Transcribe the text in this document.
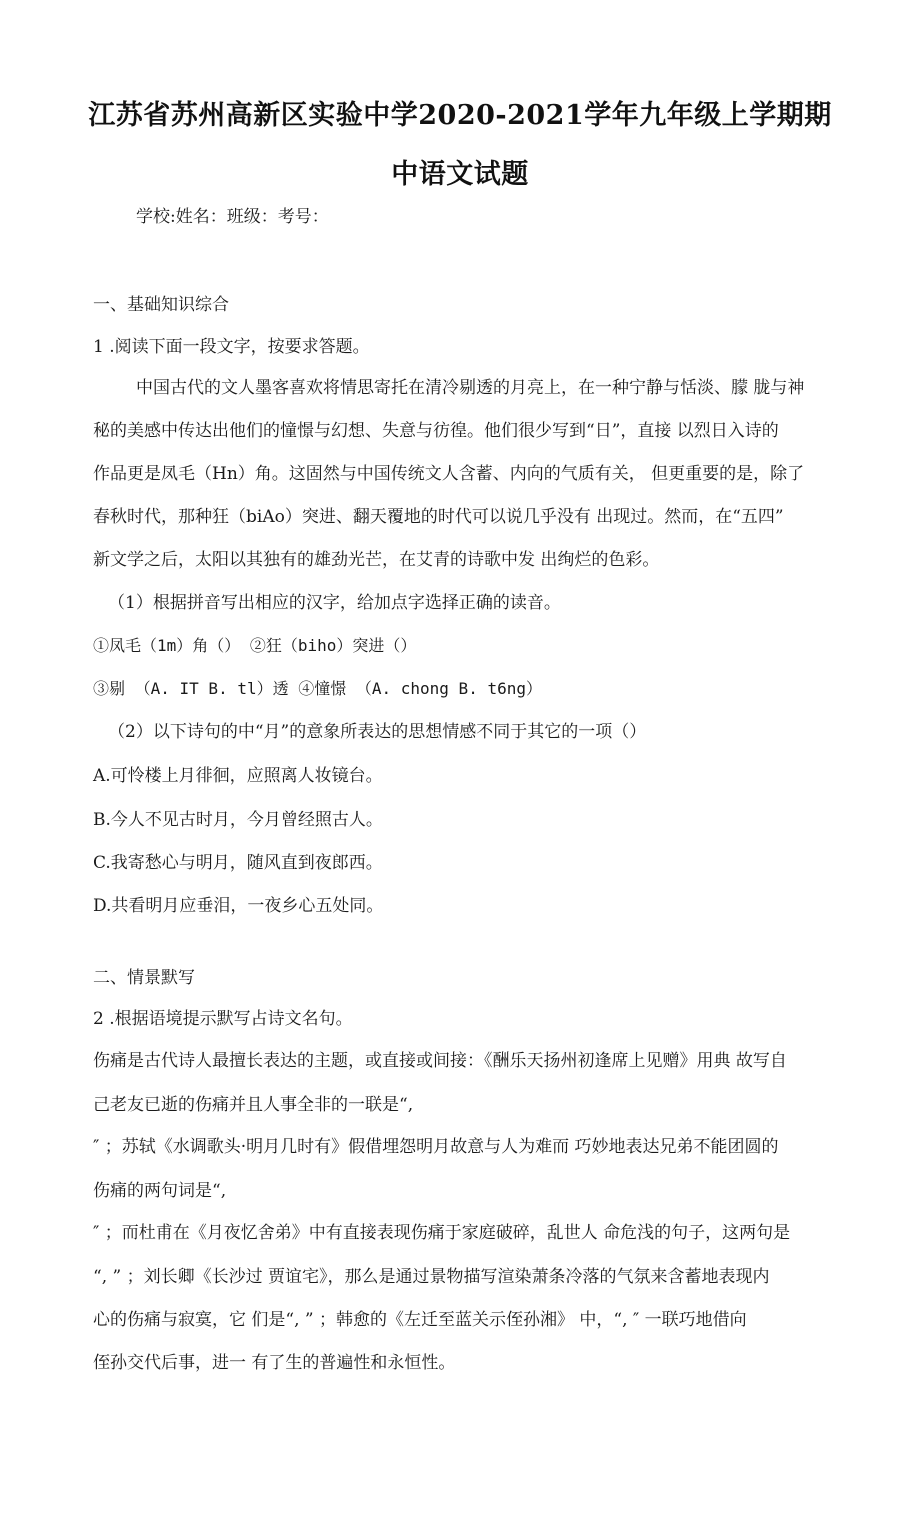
江苏省苏州高新区实验中学2020-2021学年九年级上学期期
中语文试题
学校:姓名：班级：考号：
一、基础知识综合
1 .阅读下面一段文字，按要求答题。
中国古代的文人墨客喜欢将情思寄托在清冷剔透的月亮上，在一种宁静与恬淡、朦 胧与神
秘的美感中传达出他们的憧憬与幻想、失意与彷徨。他们很少写到“日”，直接 以烈日入诗的
作品更是凤毛（Hn）角。这固然与中国传统文人含蓄、内向的气质有关， 但更重要的是，除了
春秋时代，那种狂（biAo）突进、翻天覆地的时代可以说几乎没有 出现过。然而，在“五四”
新文学之后，太阳以其独有的雄劲光芒，在艾青的诗歌中发 出绚烂的色彩。
（1）根据拼音写出相应的汉字，给加点字选择正确的读音。
①凤毛（1m）角（） ②狂（biho）突进（）
③剔 （A. IT B. tl）透 ④憧憬 （A. chong B. t6ng）
（2）以下诗句的中“月”的意象所表达的思想情感不同于其它的一项（）
A.可怜楼上月徘徊，应照离人妆镜台。
B.今人不见古时月，今月曾经照古人。
C.我寄愁心与明月，随风直到夜郎西。
D.共看明月应垂泪，一夜乡心五处同。
二、情景默写
2 .根据语境提示默写占诗文名句。
伤痛是古代诗人最擅长表达的主题，或直接或间接：《酬乐天扬州初逢席上见赠》用典 故写自
己老友已逝的伤痛并且人事全非的一联是“,
″ ；苏轼《水调歌头·明月几时有》假借埋怨明月故意与人为难而 巧妙地表达兄弟不能团圆的
伤痛的两句词是“,
″ ；而杜甫在《月夜忆舍弟》中有直接表现伤痛于家庭破碎，乱世人 命危浅的句子，这两句是
“, ” ；刘长卿《长沙过 贾谊宅》，那么是通过景物描写渲染萧条冷落的气氛来含蓄地表现内
心的伤痛与寂寞，它 们是“, ” ；韩愈的《左迁至蓝关示侄孙湘》 中，“, ″ 一联巧地借向
侄孙交代后事，进一 有了生的普遍性和永恒性。
